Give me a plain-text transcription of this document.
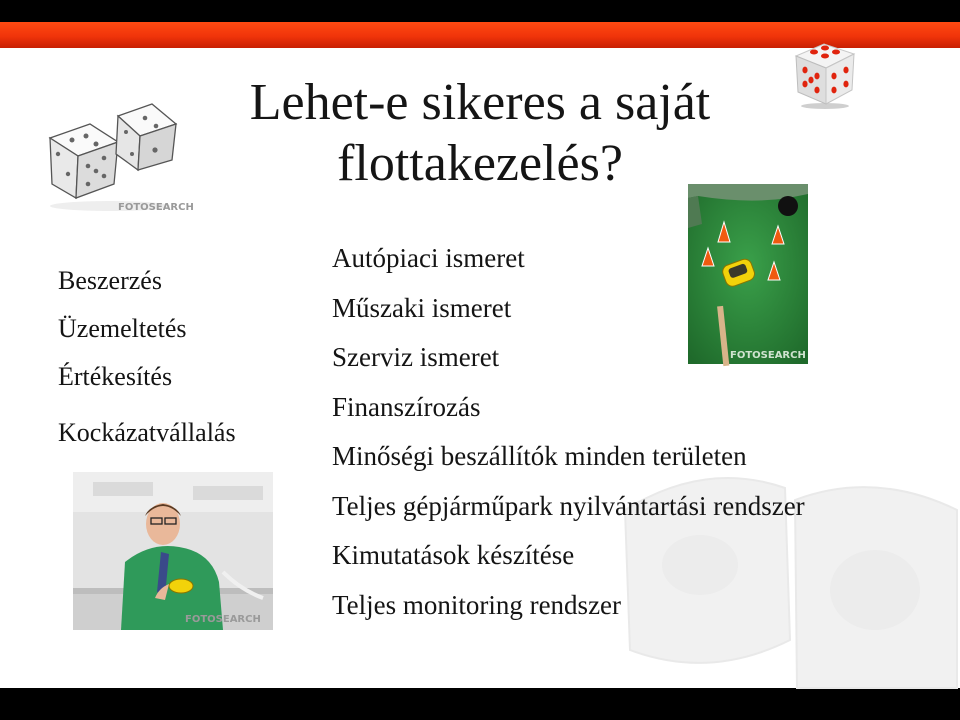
FOTOSEARCH
Lehet-e sikeres a saját flottakezelés?
Beszerzés
Üzemeltetés
Értékesítés
Kockázatvállalás
Autópiaci ismeret
Műszaki ismeret
Szerviz ismeret
Finanszírozás
Minőségi beszállítók minden területen
Teljes gépjárműpark nyilvántartási rendszer
Kimutatások készítése
Teljes monitoring rendszer
FOTOSEARCH
FOTOSEARCH
